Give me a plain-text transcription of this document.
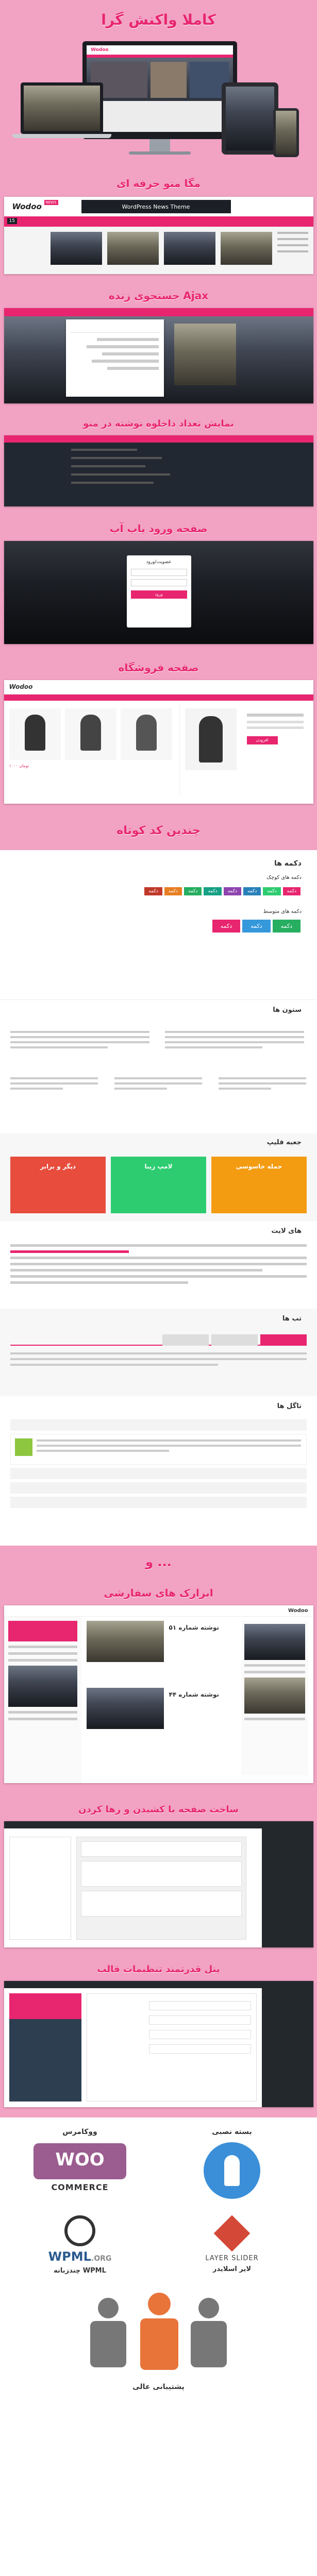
کاملا واکنش گرا
Wodoo
مگا منو حرفه ای
Wodoo	NEWS
WordPress News Theme
15
جستجوی زنده Ajax
نمایش تعداد داخلوه نوشته در منو
صفحه ورود پاپ آپ
عضویت/ورود
ورود
صفحه فروشگاه
Wodoo
۱۰۰۰ تومان
افزودن
چندین کد کوتاه
دکمه ها
دکمه های کوچک
دکمه دکمه دکمه دکمه دکمه دکمه دکمه دکمه
دکمه های متوسط
دکمه	دکمه	دکمه
ستون ها
جعبه فلیپ
دیگر و برابر	لامپ زیبا	حمله جاسوسی
های لایت
تب ها
تاگل ها
و ...
ابزارک های سفارشی
Wodoo
نوشته شماره ۵۱
نوشته شماره ۴۴
ساخت صفحه با کشیدن و رها کردن
پنل قدرتمند تنظیمات قالب
بسته نصبی
ووکامرس
WOO
COMMERCE
WPML.ORG
چندزبانه WPML
LAYER SLIDER
لایر اسلایدر
پشتیبانی عالی
